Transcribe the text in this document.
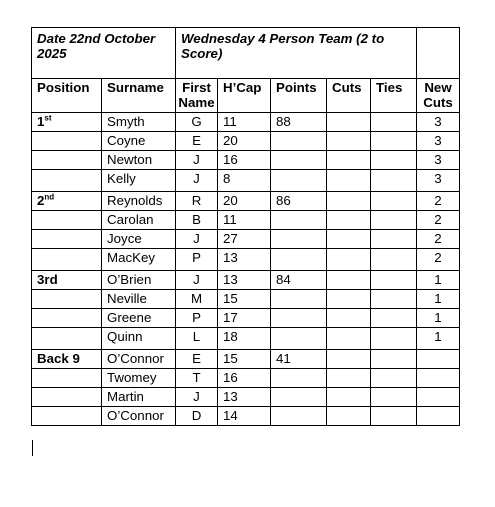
Date 22nd October 2025		Wednesday 4 Person Team (2 to Score)					
Position	Surname	First Name	H’Cap	Points	Cuts	Ties	New Cuts
1st	Smyth	G	11	88			3
	Coyne	E	20				3
	Newton	J	16				3
	Kelly	J	8				3
2nd	Reynolds	R	20	86			2
	Carolan	B	11				2
	Joyce	J	27				2
	MacKey	P	13				2
3rd	O’Brien	J	13	84			1
	Neville	M	15				1
	Greene	P	17				1
	Quinn	L	18				1
Back 9	O’Connor	E	15	41			
	Twomey	T	16				
	Martin	J	13				
	O’Connor	D	14				
